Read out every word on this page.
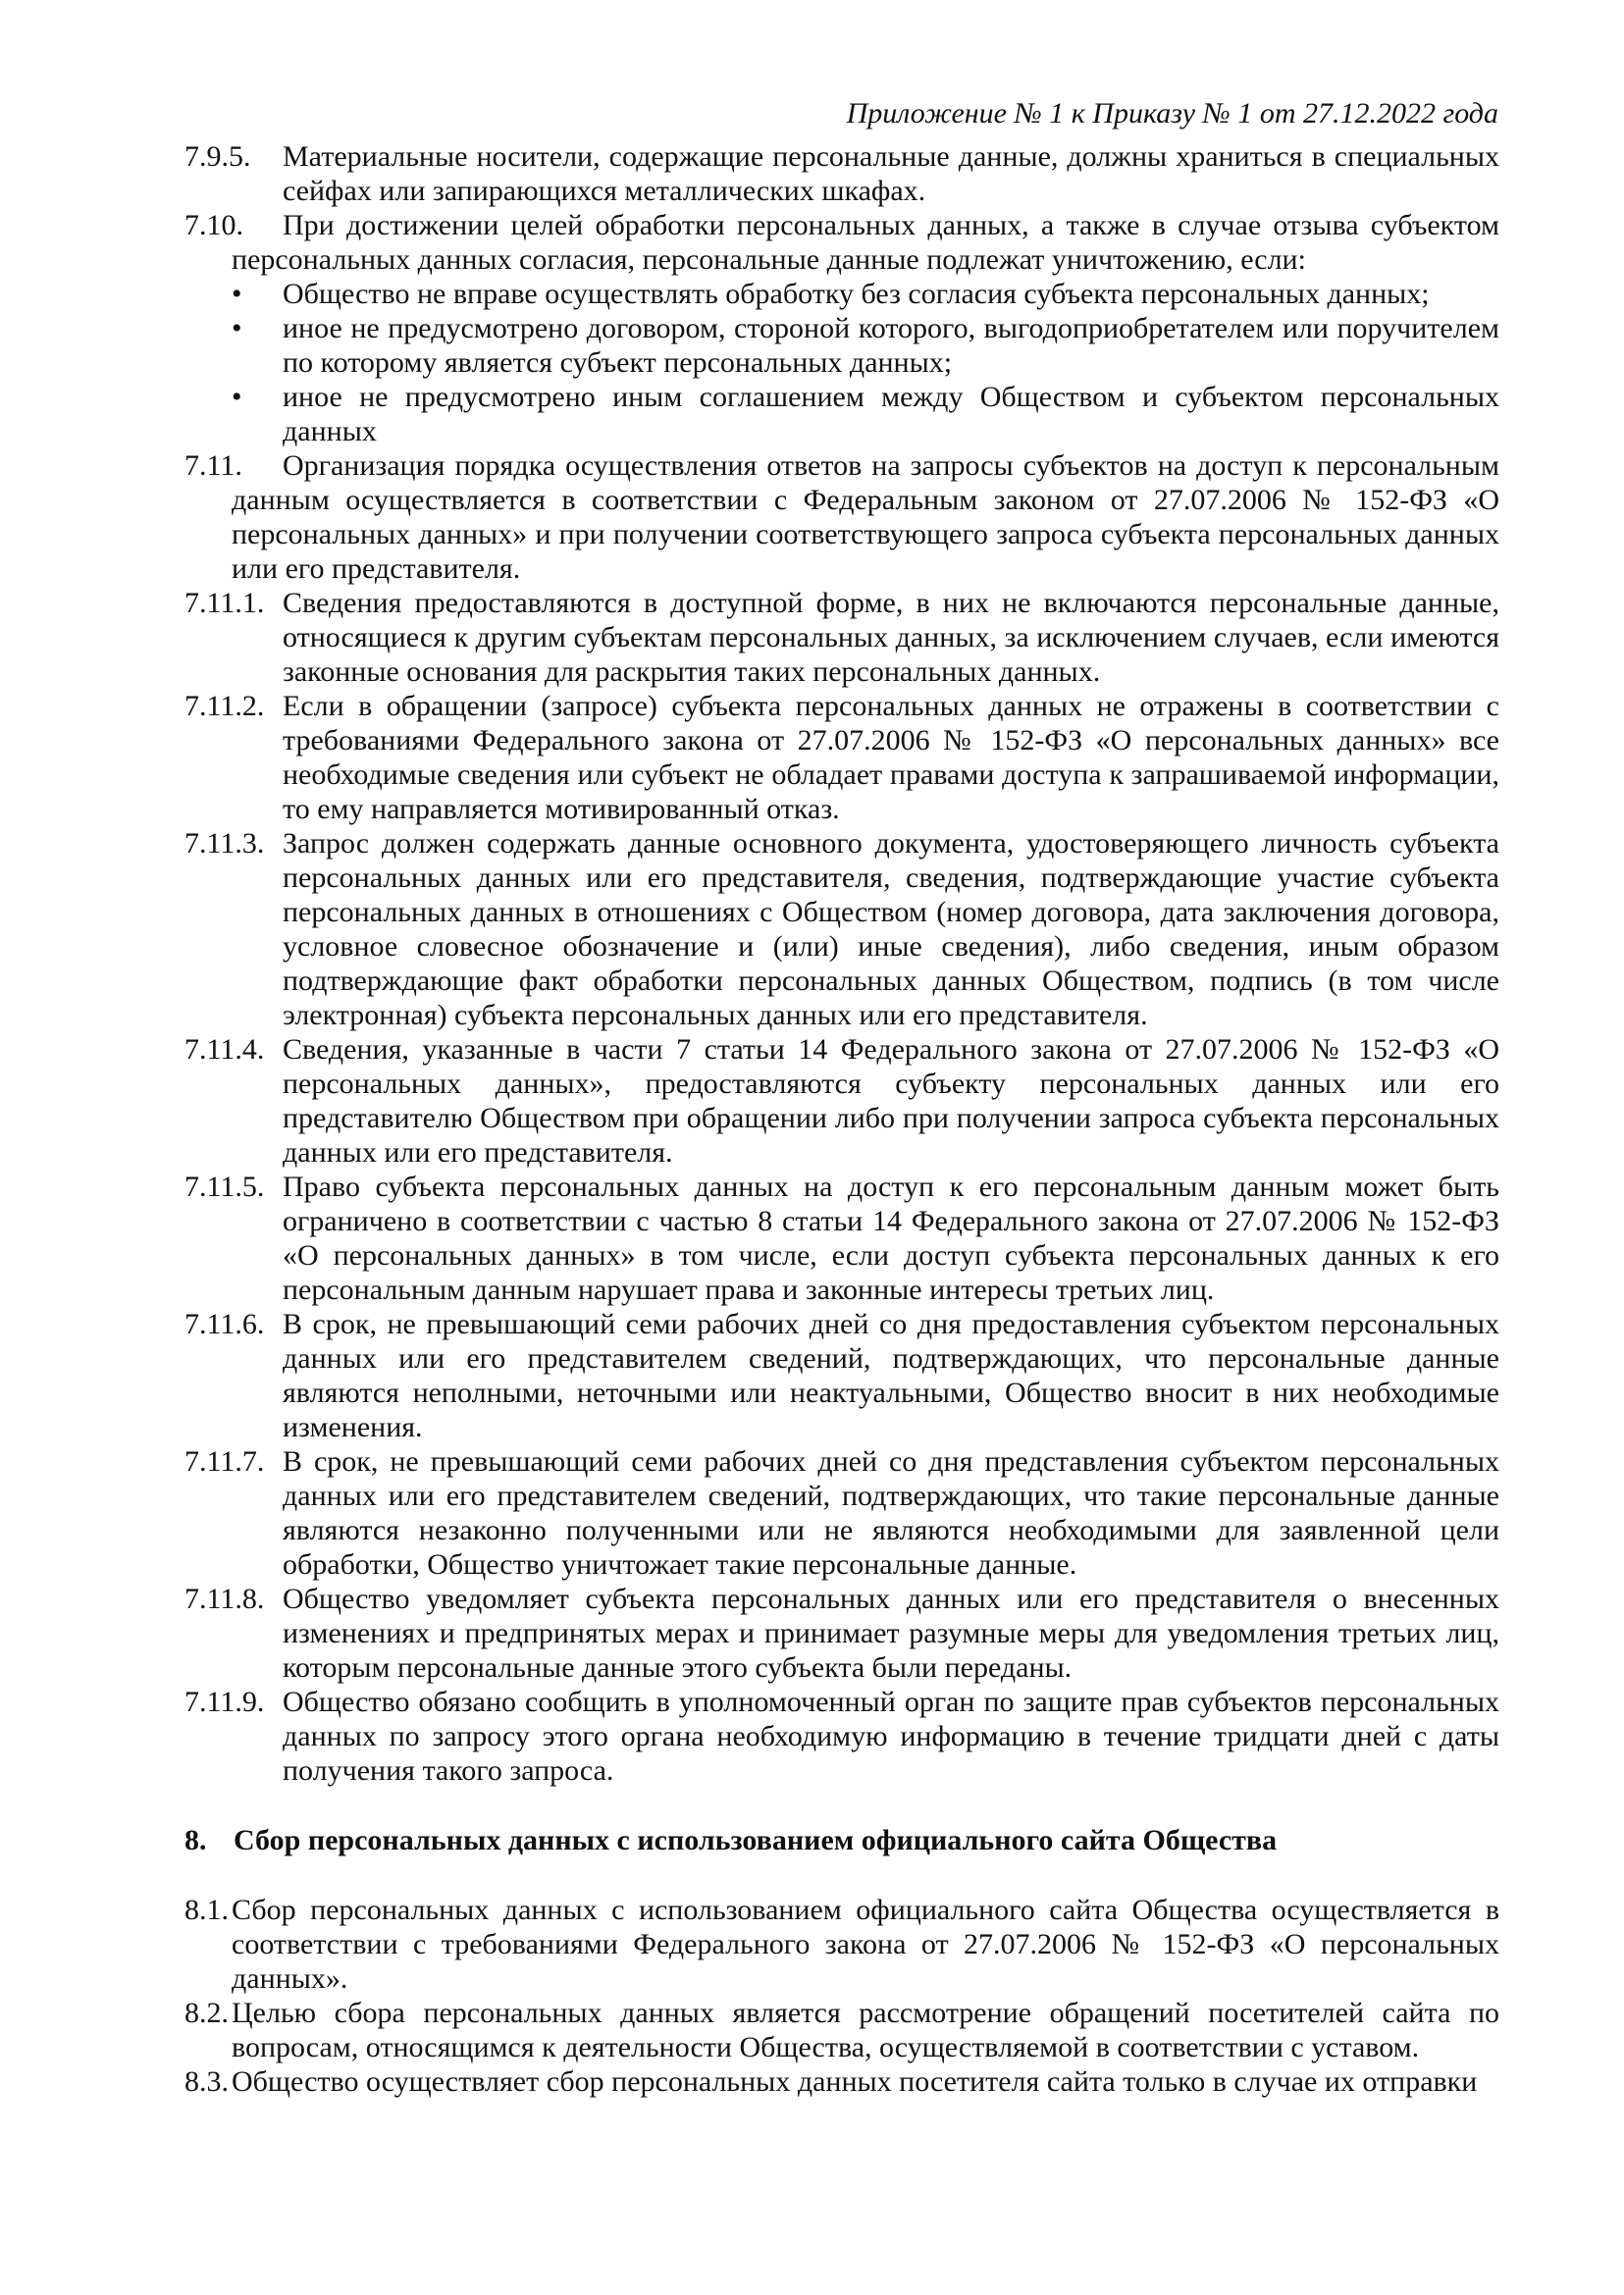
Приложение № 1 к Приказу № 1 от 27.12.2022 года
7.9.5. Материальные носители, содержащие персональные данные, должны храниться в специальных сейфах или запирающихся металлических шкафах.
7.10.	При достижении целей обработки персональных данных, а также в случае отзыва субъектом персональных данных согласия, персональные данные подлежат уничтожению, если:
• Общество не вправе осуществлять обработку без согласия субъекта персональных данных;
• иное не предусмотрено договором, стороной которого, выгодоприобретателем или поручителем по которому является субъект персональных данных;
• иное не предусмотрено иным соглашением между Обществом и субъектом персональных данных
7.11.	Организация порядка осуществления ответов на запросы субъектов на доступ к персональным данным осуществляется в соответствии с Федеральным законом от 27.07.2006 № 152-ФЗ «О персональных данных» и при получении соответствующего запроса субъекта персональных данных или его представителя.
7.11.1. Сведения предоставляются в доступной форме, в них не включаются персональные данные, относящиеся к другим субъектам персональных данных, за исключением случаев, если имеются законные основания для раскрытия таких персональных данных.
7.11.2. Если в обращении (запросе) субъекта персональных данных не отражены в соответствии с требованиями Федерального закона от 27.07.2006 № 152-ФЗ «О персональных данных» все необходимые сведения или субъект не обладает правами доступа к запрашиваемой информации, то ему направляется мотивированный отказ.
7.11.3. Запрос должен содержать данные основного документа, удостоверяющего личность субъекта персональных данных или его представителя, сведения, подтверждающие участие субъекта персональных данных в отношениях с Обществом (номер договора, дата заключения договора, условное словесное обозначение и (или) иные сведения), либо сведения, иным образом подтверждающие факт обработки персональных данных Обществом, подпись (в том числе электронная) субъекта персональных данных или его представителя.
7.11.4. Сведения, указанные в части 7 статьи 14 Федерального закона от 27.07.2006 № 152-ФЗ «О персональных данных», предоставляются субъекту персональных данных или его представителю Обществом при обращении либо при получении запроса субъекта персональных данных или его представителя.
7.11.5. Право субъекта персональных данных на доступ к его персональным данным может быть ограничено в соответствии с частью 8 статьи 14 Федерального закона от 27.07.2006 № 152-ФЗ «О персональных данных» в том числе, если доступ субъекта персональных данных к его персональным данным нарушает права и законные интересы третьих лиц.
7.11.6. В срок, не превышающий семи рабочих дней со дня предоставления субъектом персональных данных или его представителем сведений, подтверждающих, что персональные данные являются неполными, неточными или неактуальными, Общество вносит в них необходимые изменения.
7.11.7. В срок, не превышающий семи рабочих дней со дня представления субъектом персональных данных или его представителем сведений, подтверждающих, что такие персональные данные являются незаконно полученными или не являются необходимыми для заявленной цели обработки, Общество уничтожает такие персональные данные.
7.11.8. Общество уведомляет субъекта персональных данных или его представителя о внесенных изменениях и предпринятых мерах и принимает разумные меры для уведомления третьих лиц, которым персональные данные этого субъекта были переданы.
7.11.9. Общество обязано сообщить в уполномоченный орган по защите прав субъектов персональных данных по запросу этого органа необходимую информацию в течение тридцати дней с даты получения такого запроса.
8. Сбор персональных данных с использованием официального сайта Общества
8.1. Сбор персональных данных с использованием официального сайта Общества осуществляется в соответствии с требованиями Федерального закона от 27.07.2006 № 152-ФЗ «О персональных данных».
8.2. Целью сбора персональных данных является рассмотрение обращений посетителей сайта по вопросам, относящимся к деятельности Общества, осуществляемой в соответствии с уставом.
8.3. Общество осуществляет сбор персональных данных посетителя сайта только в случае их отправки
